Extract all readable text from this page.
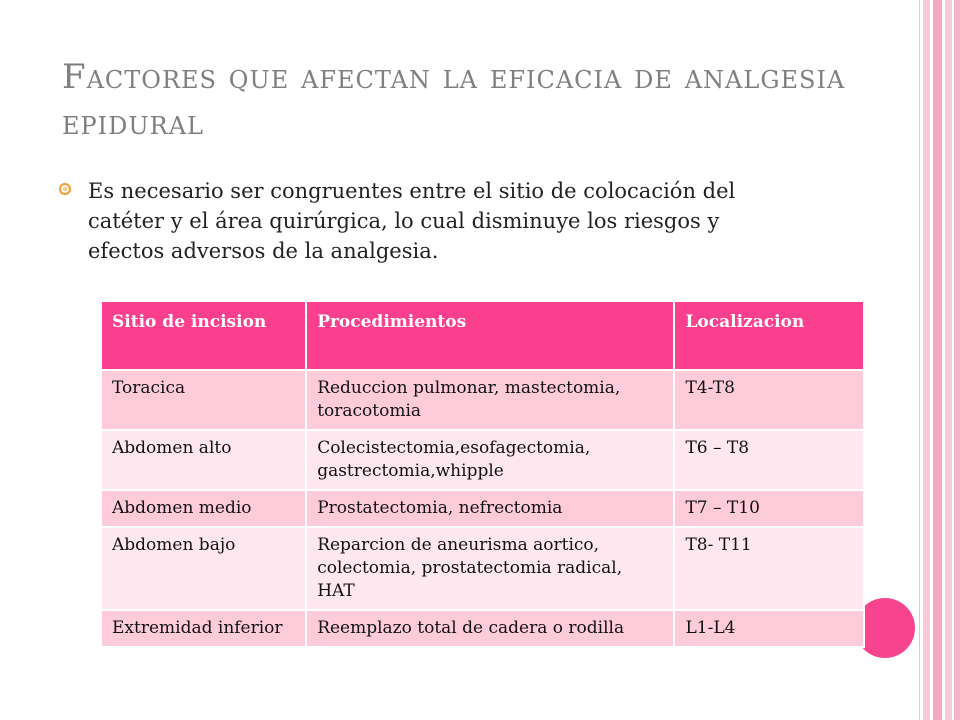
Factores que afectan la eficacia de analgesia epidural
Es necesario ser congruentes entre el sitio de colocación del catéter y el área quirúrgica, lo cual disminuye los riesgos y efectos adversos de la analgesia.
Sitio de incision	Procedimientos	Localizacion
Toracica	Reduccion pulmonar, mastectomia, toracotomia	T4-T8
Abdomen alto	Colecistectomia,esofagectomia, gastrectomia,whipple	T6 – T8
Abdomen medio	Prostatectomia, nefrectomia	T7 – T10
Abdomen bajo	Reparcion de aneurisma aortico, colectomia, prostatectomia radical, HAT	T8- T11
Extremidad inferior	Reemplazo total de cadera o rodilla	L1-L4
